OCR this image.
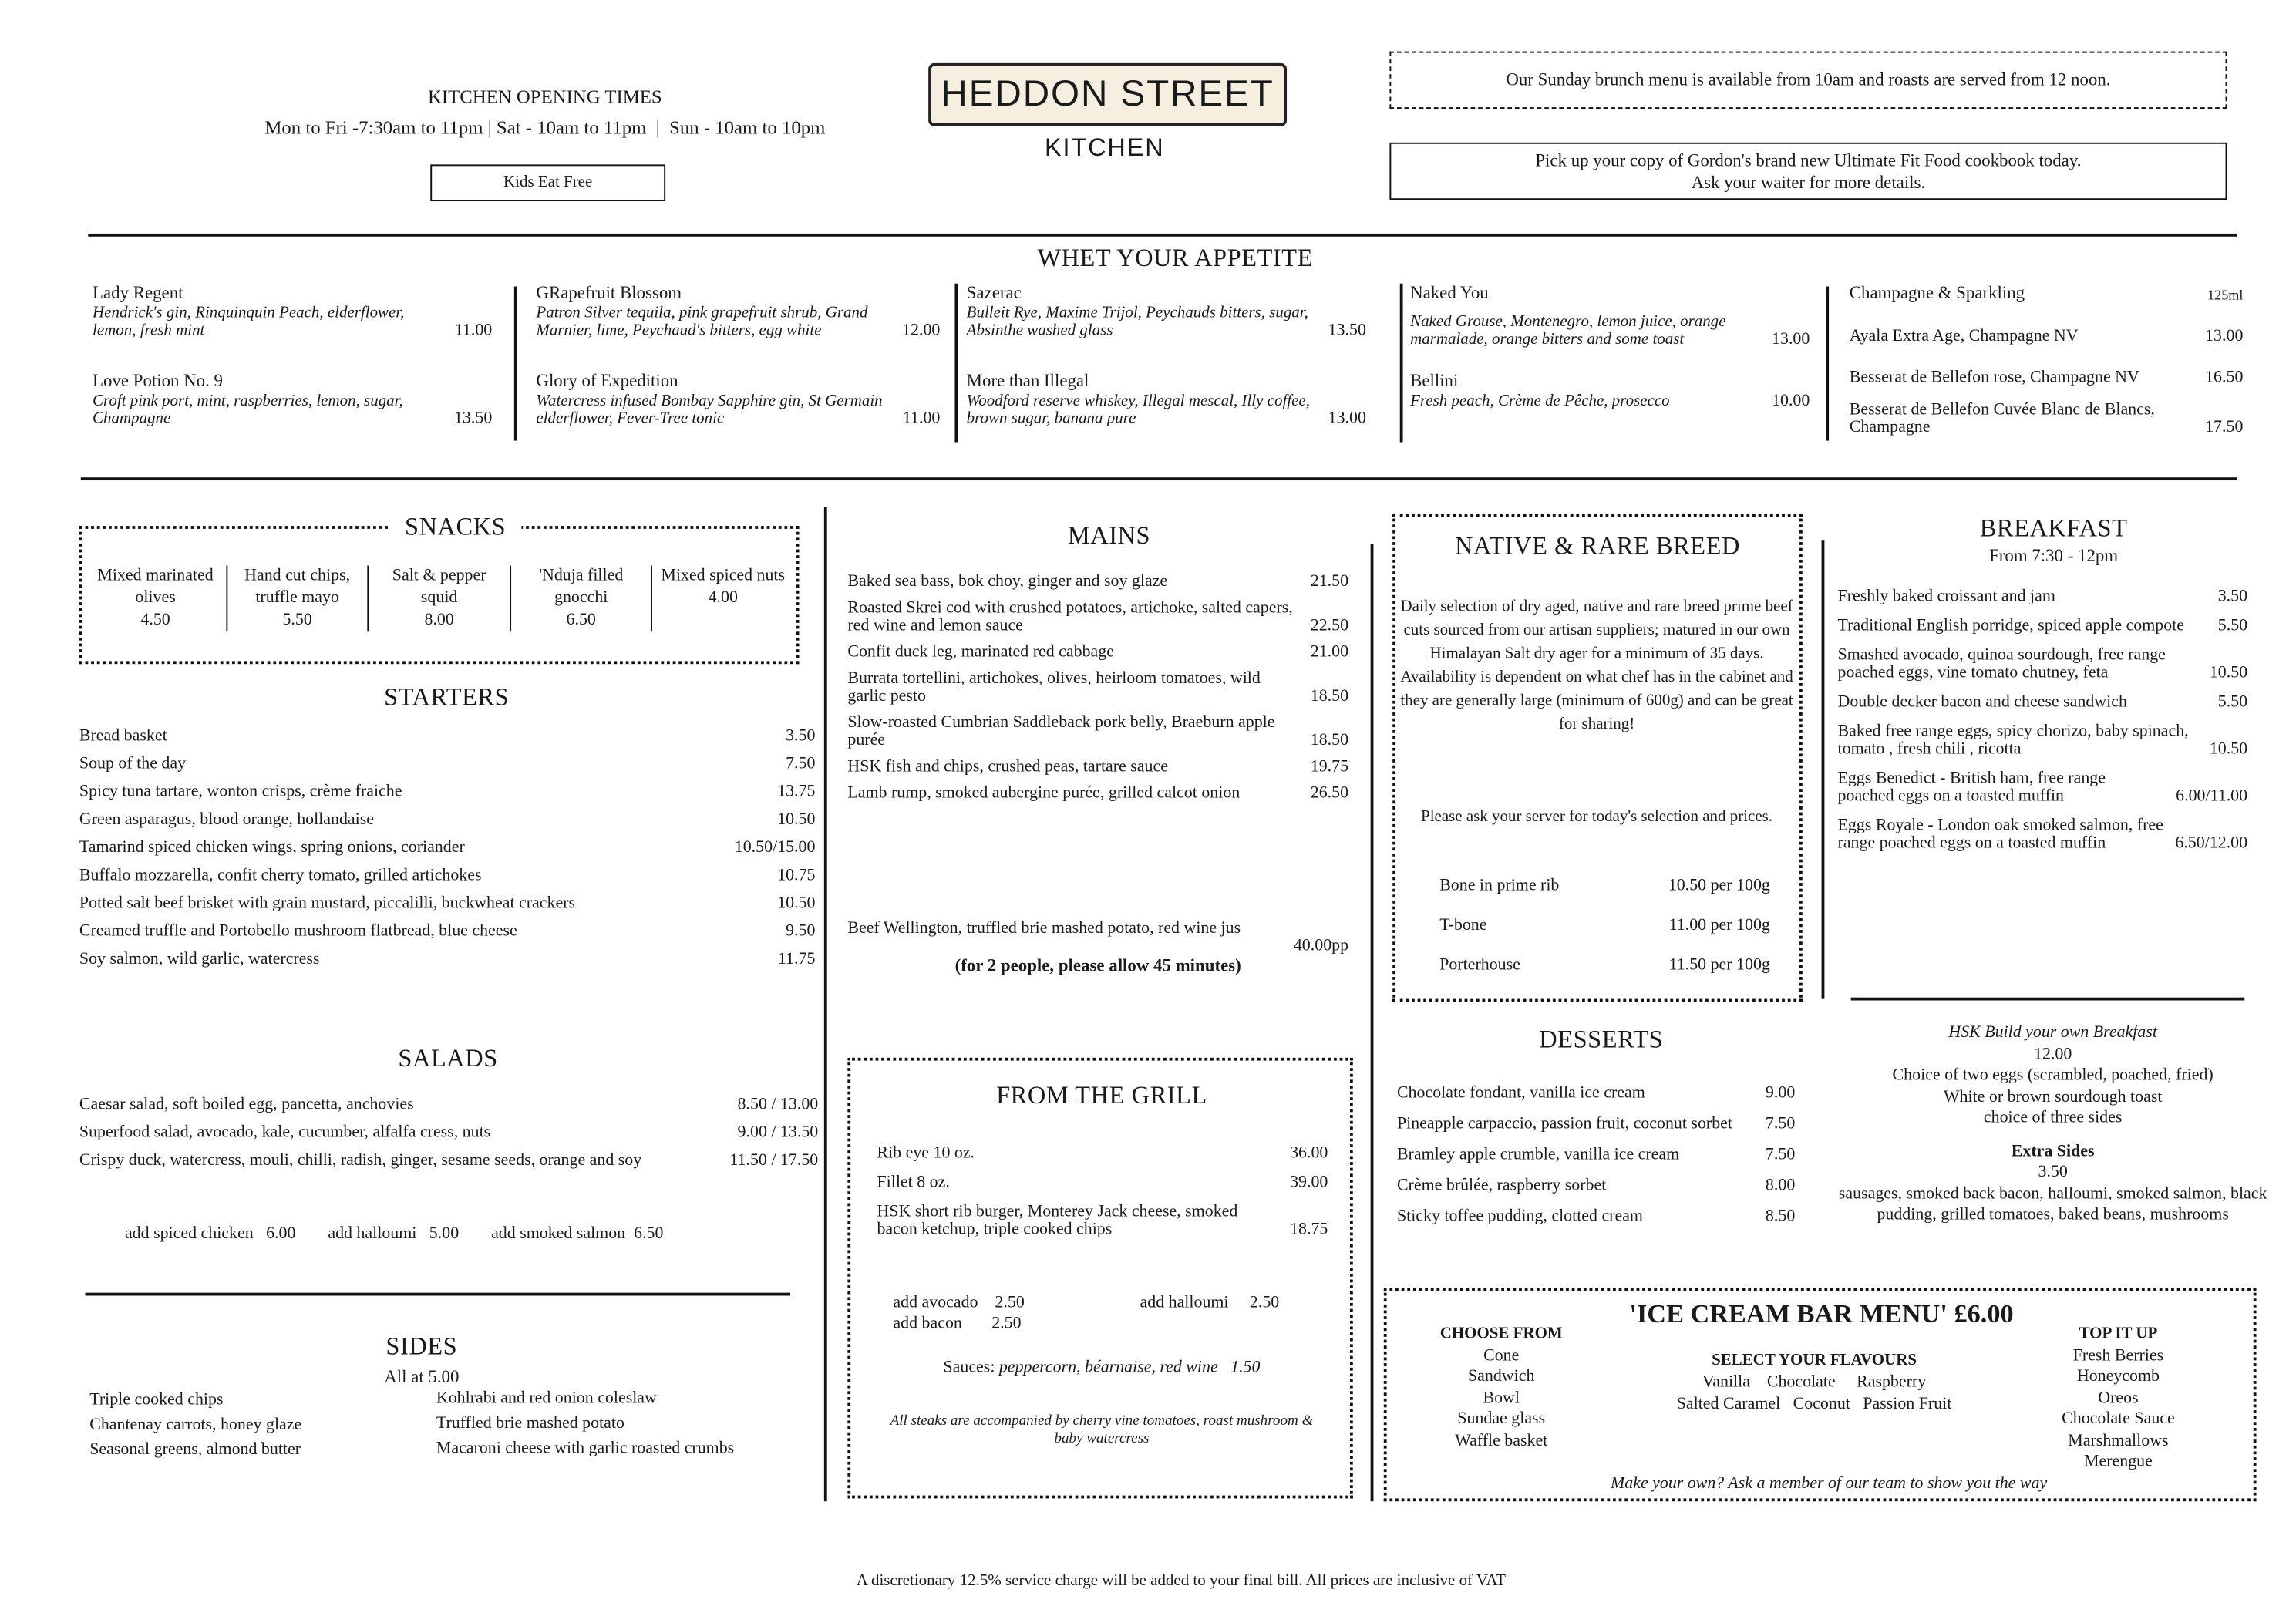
KITCHEN OPENING TIMES
Mon to Fri -7:30am to 11pm | Sat - 10am to 11pm  |  Sun - 10am to 10pm
Kids Eat Free
HEDDON STREET
KITCHEN
Our Sunday brunch menu is available from 10am and roasts are served from 12 noon.
Pick up your copy of Gordon's brand new Ultimate Fit Food cookbook today.
Ask your waiter for more details.
WHET YOUR APPETITE
Lady Regent
Hendrick's gin, Rinquinquin Peach, elderflower, lemon, fresh mint	11.00
Love Potion No. 9
Croft pink port, mint, raspberries, lemon, sugar, Champagne	13.50
GRapefruit Blossom
Patron Silver tequila, pink grapefruit shrub, Grand Marnier, lime, Peychaud's bitters, egg white	12.00
Glory of Expedition
Watercress infused Bombay Sapphire gin, St Germain elderflower, Fever-Tree tonic	11.00
Sazerac
Bulleit Rye, Maxime Trijol, Peychauds bitters, sugar, Absinthe washed glass	13.50
More than Illegal
Woodford reserve whiskey, Illegal mescal, Illy coffee, brown sugar, banana pure	13.00
Naked You
Naked Grouse, Montenegro, lemon juice, orange marmalade, orange bitters and some toast	13.00
Bellini
Fresh peach, Crème de Pêche, prosecco	10.00
Champagne & Sparkling	125ml
Ayala Extra Age, Champagne NV	13.00
Besserat de Bellefon rose, Champagne NV	16.50
Besserat de Bellefon Cuvée Blanc de Blancs, Champagne	17.50
SNACKS
Mixed marinated olives
4.50
Hand cut chips, truffle mayo
5.50
Salt & pepper squid
8.00
'Nduja filled gnocchi
6.50
Mixed spiced nuts
4.00
STARTERS
Bread basket	3.50
Soup of the day	7.50
Spicy tuna tartare, wonton crisps, crème fraiche	13.75
Green asparagus, blood orange, hollandaise	10.50
Tamarind spiced chicken wings, spring onions, coriander	10.50/15.00
Buffalo mozzarella, confit cherry tomato, grilled artichokes	10.75
Potted salt beef brisket with grain mustard, piccalilli, buckwheat crackers	10.50
Creamed truffle and Portobello mushroom flatbread, blue cheese	9.50
Soy salmon, wild garlic, watercress	11.75
SALADS
Caesar salad, soft boiled egg, pancetta, anchovies	8.50 / 13.00
Superfood salad, avocado, kale, cucumber, alfalfa cress, nuts	9.00 / 13.50
Crispy duck, watercress, mouli, chilli, radish, ginger, sesame seeds, orange and soy	11.50 / 17.50
add spiced chicken   6.00	add halloumi   5.00	add smoked salmon  6.50
SIDES
All at 5.00
Triple cooked chips
Chantenay carrots, honey glaze
Seasonal greens, almond butter
Kohlrabi and red onion coleslaw
Truffled brie mashed potato
Macaroni cheese with garlic roasted crumbs
MAINS
Baked sea bass, bok choy, ginger and soy glaze	21.50
Roasted Skrei cod with crushed potatoes, artichoke, salted capers, red wine and lemon sauce	22.50
Confit duck leg, marinated red cabbage	21.00
Burrata tortellini, artichokes, olives, heirloom tomatoes, wild garlic pesto	18.50
Slow-roasted Cumbrian Saddleback pork belly, Braeburn apple purée	18.50
HSK fish and chips, crushed peas, tartare sauce	19.75
Lamb rump, smoked aubergine purée, grilled calcot onion	26.50
Beef Wellington, truffled brie mashed potato, red wine jus
40.00pp
(for 2 people, please allow 45 minutes)
FROM THE GRILL
Rib eye 10 oz.	36.00
Fillet 8 oz.	39.00
HSK short rib burger, Monterey Jack cheese, smoked bacon ketchup, triple cooked chips	18.75
add avocado    2.50	add halloumi     2.50
add bacon       2.50
Sauces: peppercorn, béarnaise, red wine   1.50
All steaks are accompanied by cherry vine tomatoes, roast mushroom & baby watercress
NATIVE & RARE BREED
Daily selection of dry aged, native and rare breed prime beef cuts sourced from our artisan suppliers; matured in our own Himalayan Salt dry ager for a minimum of 35 days. Availability is dependent on what chef has in the cabinet and they are generally large (minimum of 600g) and can be great for sharing!
Please ask your server for today's selection and prices.
Bone in prime rib	10.50 per 100g
T-bone	11.00 per 100g
Porterhouse	11.50 per 100g
DESSERTS
Chocolate fondant, vanilla ice cream	9.00
Pineapple carpaccio, passion fruit, coconut sorbet	7.50
Bramley apple crumble, vanilla ice cream	7.50
Crème brûlée, raspberry sorbet	8.00
Sticky toffee pudding, clotted cream	8.50
BREAKFAST
From 7:30 - 12pm
Freshly baked croissant and jam	3.50
Traditional English porridge, spiced apple compote	5.50
Smashed avocado, quinoa sourdough, free range poached eggs, vine tomato chutney, feta	10.50
Double decker bacon and cheese sandwich	5.50
Baked free range eggs, spicy chorizo, baby spinach, tomato , fresh chili , ricotta	10.50
Eggs Benedict - British ham, free range poached eggs on a toasted muffin	6.00/11.00
Eggs Royale - London oak smoked salmon, free range poached eggs on a toasted muffin	6.50/12.00
HSK Build your own Breakfast
12.00
Choice of two eggs (scrambled, poached, fried)
White or brown sourdough toast
choice of three sides
Extra Sides
3.50
sausages, smoked back bacon, halloumi, smoked salmon, black pudding, grilled tomatoes, baked beans, mushrooms
'ICE CREAM BAR MENU' £6.00
CHOOSE FROM
Cone
Sandwich
Bowl
Sundae glass
Waffle basket
SELECT YOUR FLAVOURS
Vanilla    Chocolate     Raspberry
Salted Caramel   Coconut   Passion Fruit
TOP IT UP
Fresh Berries
Honeycomb
Oreos
Chocolate Sauce
Marshmallows
Merengue
Make your own? Ask a member of our team to show you the way
A discretionary 12.5% service charge will be added to your final bill. All prices are inclusive of VAT
